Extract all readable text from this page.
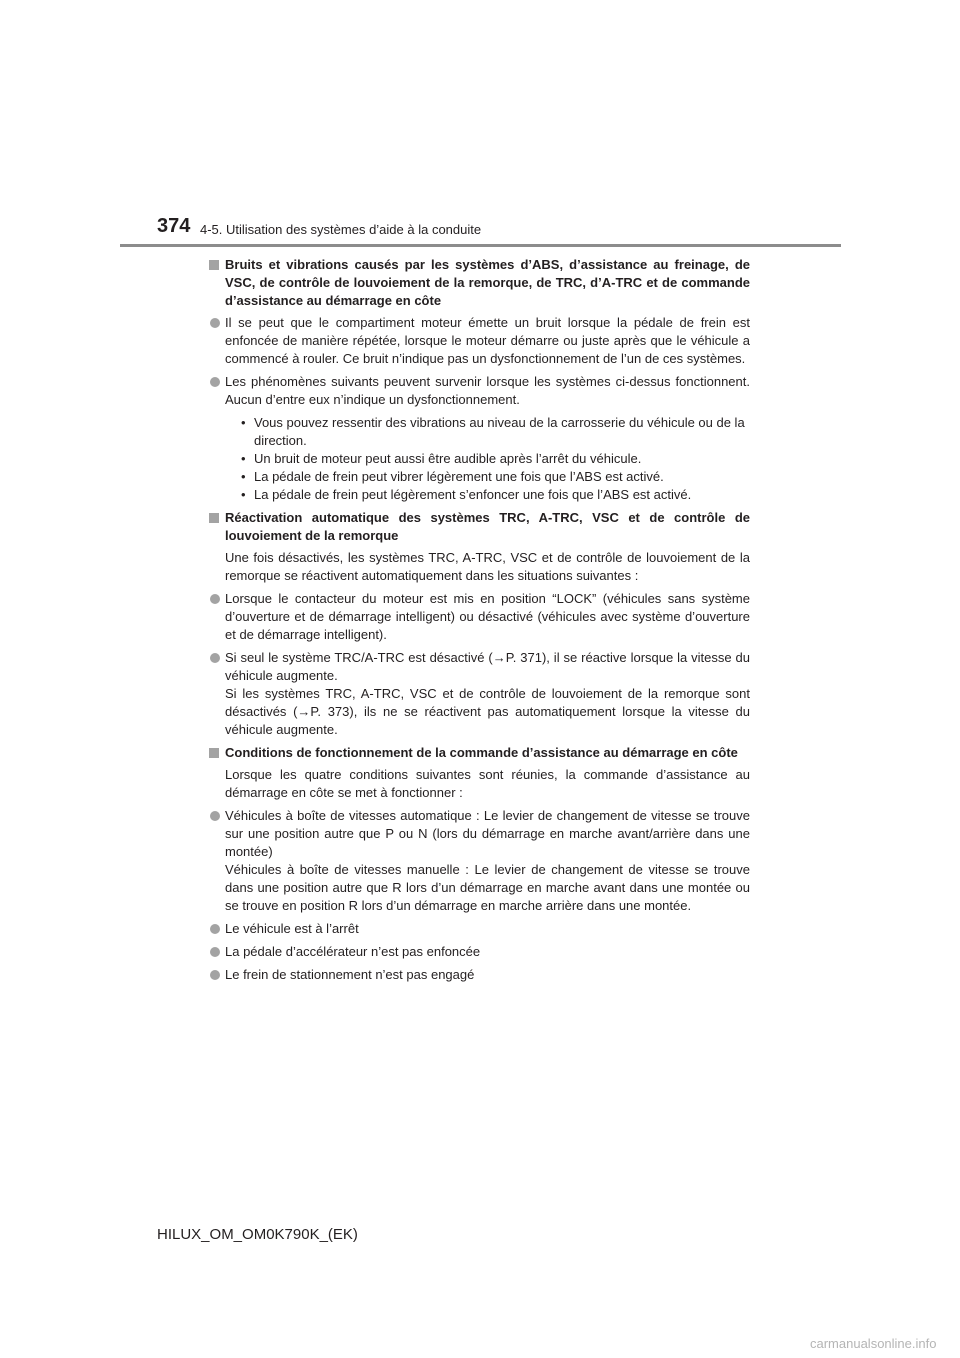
374 4-5. Utilisation des systèmes d’aide à la conduite
Bruits et vibrations causés par les systèmes d’ABS, d’assistance au freinage, de VSC, de contrôle de louvoiement de la remorque, de TRC, d’A-TRC et de commande d’assistance au démarrage en côte
Il se peut que le compartiment moteur émette un bruit lorsque la pédale de frein est enfoncée de manière répétée, lorsque le moteur démarre ou juste après que le véhicule a commencé à rouler. Ce bruit n’indique pas un dysfonctionnement de l’un de ces systèmes.
Les phénomènes suivants peuvent survenir lorsque les systèmes ci-dessus fonctionnent. Aucun d’entre eux n’indique un dysfonctionnement.
• Vous pouvez ressentir des vibrations au niveau de la carrosserie du véhicule ou de la direction.
• Un bruit de moteur peut aussi être audible après l’arrêt du véhicule.
• La pédale de frein peut vibrer légèrement une fois que l’ABS est activé.
• La pédale de frein peut légèrement s’enfoncer une fois que l’ABS est activé.
Réactivation automatique des systèmes TRC, A-TRC, VSC et de contrôle de louvoiement de la remorque
Une fois désactivés, les systèmes TRC, A-TRC, VSC et de contrôle de louvoiement de la remorque se réactivent automatiquement dans les situations suivantes :
Lorsque le contacteur du moteur est mis en position “LOCK” (véhicules sans système d’ouverture et de démarrage intelligent) ou désactivé (véhicules avec système d’ouverture et de démarrage intelligent).
Si seul le système TRC/A-TRC est désactivé (→P. 371), il se réactive lorsque la vitesse du véhicule augmente.
Si les systèmes TRC, A-TRC, VSC et de contrôle de louvoiement de la remorque sont désactivés (→P. 373), ils ne se réactivent pas automatiquement lorsque la vitesse du véhicule augmente.
Conditions de fonctionnement de la commande d’assistance au démarrage en côte
Lorsque les quatre conditions suivantes sont réunies, la commande d’assistance au démarrage en côte se met à fonctionner :
Véhicules à boîte de vitesses automatique : Le levier de changement de vitesse se trouve sur une position autre que P ou N (lors du démarrage en marche avant/arrière dans une montée)
Véhicules à boîte de vitesses manuelle : Le levier de changement de vitesse se trouve dans une position autre que R lors d’un démarrage en marche avant dans une montée ou se trouve en position R lors d’un démarrage en marche arrière dans une montée.
Le véhicule est à l’arrêt
La pédale d’accélérateur n’est pas enfoncée
Le frein de stationnement n’est pas engagé
HILUX_OM_OM0K790K_(EK)
carmanualsonline.info
